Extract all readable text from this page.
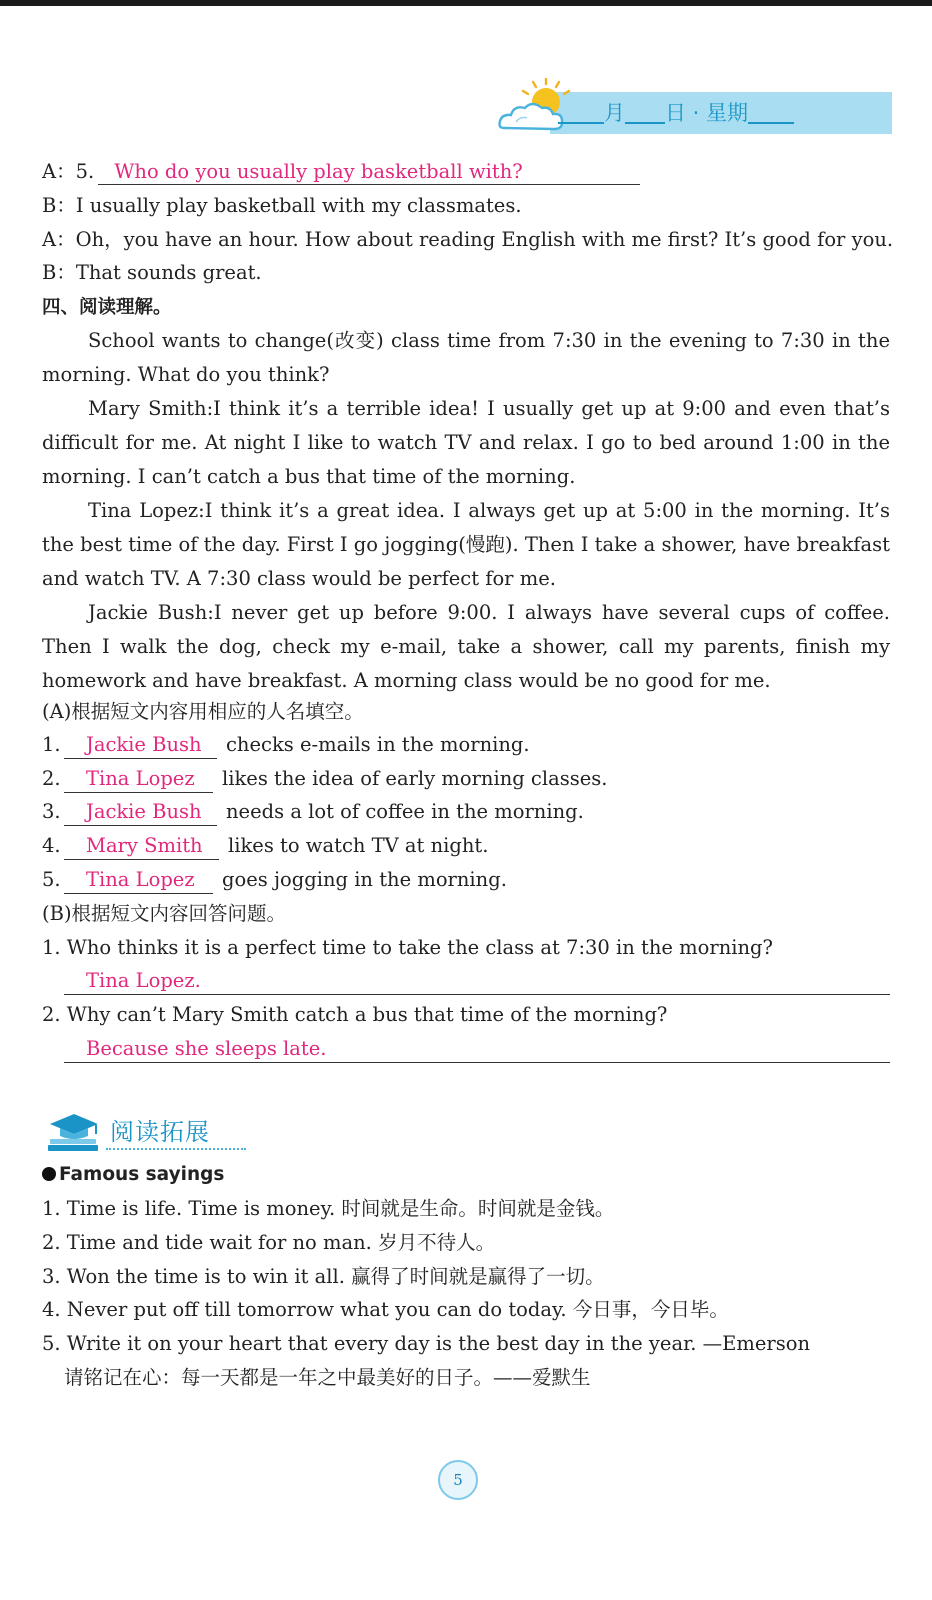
月 日 · 星期
A：5. Who do you usually play basketball with?
B：I usually play basketball with my classmates.
A：Oh，you have an hour. How about reading English with me first? It’s good for you.
B：That sounds great.
四、阅读理解。

School wants to change(改变) class time from 7:30 in the evening to 7:30 in the morning. What do you think?

Mary Smith:I think it’s a terrible idea! I usually get up at 9:00 and even that’s difficult for me. At night I like to watch TV and relax. I go to bed around 1:00 in the morning. I can’t catch a bus that time of the morning.

Tina Lopez:I think it’s a great idea. I always get up at 5:00 in the morning. It’s the best time of the day. First I go jogging(慢跑). Then I take a shower, have breakfast and watch TV. A 7:30 class would be perfect for me.

Jackie Bush:I never get up before 9:00. I always have several cups of coffee. Then I walk the dog, check my e-mail, take a shower, call my parents, finish my homework and have breakfast. A morning class would be no good for me.

(A)根据短文内容用相应的人名填空。
1. Jackie Bush checks e-mails in the morning.
2. Tina Lopez likes the idea of early morning classes.
3. Jackie Bush needs a lot of coffee in the morning.
4. Mary Smith likes to watch TV at night.
5. Tina Lopez goes jogging in the morning.
(B)根据短文内容回答问题。
1. Who thinks it is a perfect time to take the class at 7:30 in the morning?
Tina Lopez.
2. Why can’t Mary Smith catch a bus that time of the morning?
Because she sleeps late.
阅读拓展
Famous sayings
1. Time is life. Time is money. 时间就是生命。时间就是金钱。
2. Time and tide wait for no man. 岁月不待人。
3. Won the time is to win it all. 赢得了时间就是赢得了一切。
4. Never put off till tomorrow what you can do today. 今日事，今日毕。
5. Write it on your heart that every day is the best day in the year. —Emerson
请铭记在心：每一天都是一年之中最美好的日子。——爱默生
5
